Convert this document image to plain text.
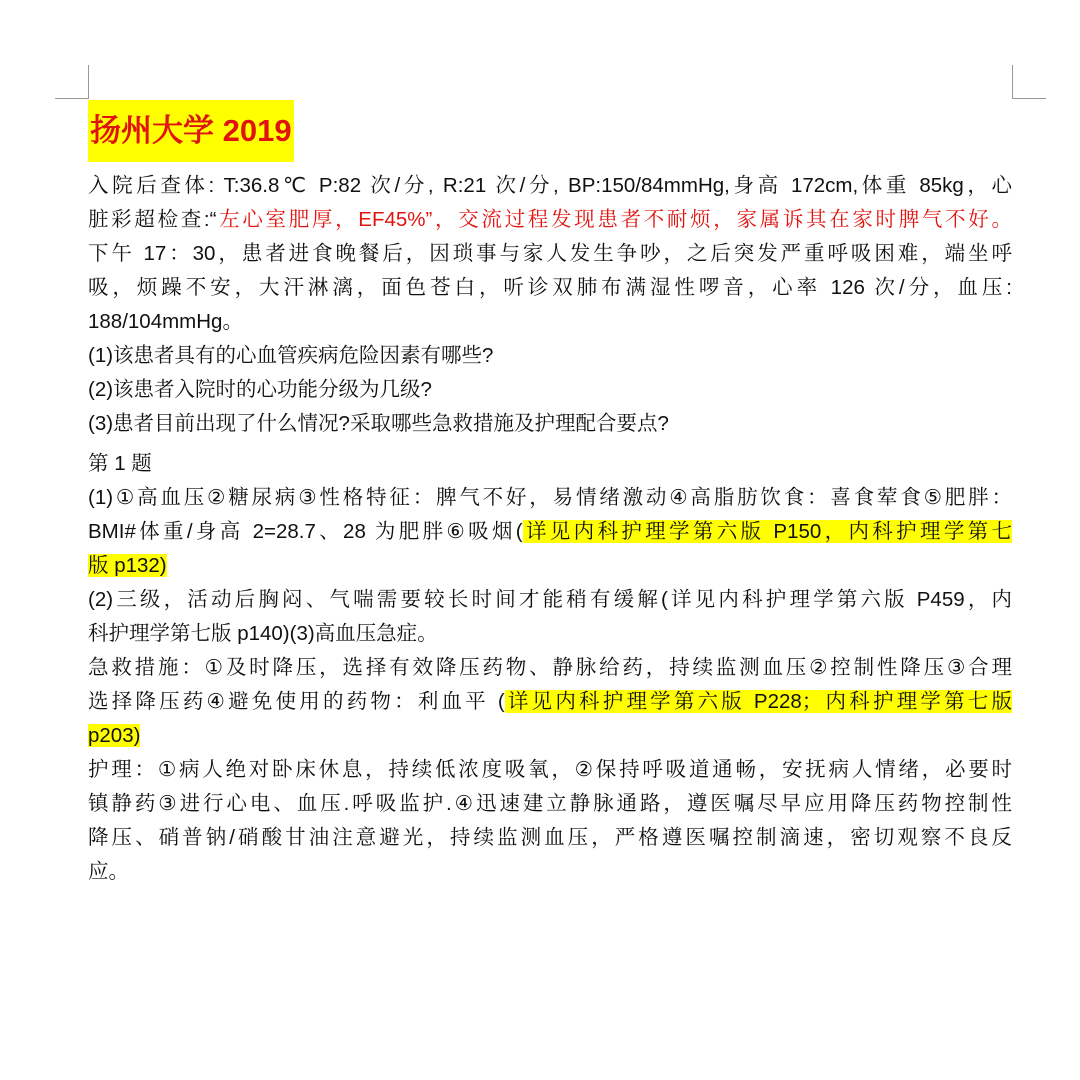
扬州大学 2019
入院后查体: T:36.8℃ P:82 次/分, R:21 次/分, BP:150/84mmHg,身高 172cm,体重 85kg，心
脏彩超检查:“左心室肥厚，EF45%”，交流过程发现患者不耐烦，家属诉其在家时脾气不好。
下午 17：30，患者进食晚餐后，因琐事与家人发生争吵，之后突发严重呼吸困难，端坐呼
吸，烦躁不安，大汗淋漓，面色苍白，听诊双肺布满湿性啰音，心率 126 次/分，血压:
188/104mmHg。
(1)该患者具有的心血管疾病危险因素有哪些?
(2)该患者入院时的心功能分级为几级?
(3)患者目前出现了什么情况?采取哪些急救措施及护理配合要点?
第 1 题
(1)①高血压②糖尿病③性格特征：脾气不好，易情绪激动④高脂肪饮食：喜食荤食⑤肥胖：
BMI#体重/身高 2=28.7、28 为肥胖⑥吸烟(详见内科护理学第六版 P150，内科护理学第七
版 p132)
(2)三级，活动后胸闷、气喘需要较长时间才能稍有缓解(详见内科护理学第六版 P459，内
科护理学第七版 p140)(3)高血压急症。
急救措施：①及时降压，选择有效降压药物、静脉给药，持续监测血压②控制性降压③合理
选择降压药④避免使用的药物：利血平 (详见内科护理学第六版 P228；内科护理学第七版
p203)
护理：①病人绝对卧床休息，持续低浓度吸氧，②保持呼吸道通畅，安抚病人情绪，必要时
镇静药③进行心电、血压.呼吸监护.④迅速建立静脉通路，遵医嘱尽早应用降压药物控制性
降压、硝普钠/硝酸甘油注意避光，持续监测血压，严格遵医嘱控制滴速，密切观察不良反
应。
